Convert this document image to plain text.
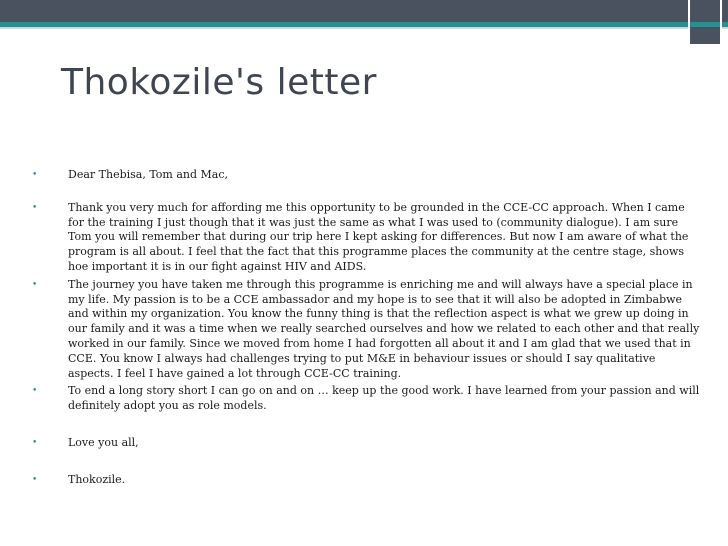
Thokozile's letter
•	Dear Thebisa, Tom and Mac,
•	Thank you very much for affording me this opportunity to be grounded in the CCE-CC approach. When I came for the training I just though that it was just the same as what I was used to (community dialogue). I am sure Tom you will remember that during our trip here I kept asking for differences. But now I am aware of what the program is all about. I feel that the fact that this programme places the community at the centre stage, shows hoe important it is in our fight against HIV and AIDS.
•	The journey you have taken me through this programme is enriching me and will always have a special place in my life. My passion is to be a CCE ambassador and my hope is to see that it will also be adopted in Zimbabwe and within my organization. You know the funny thing is that the reflection aspect is what we grew up doing in our family and it was a time when we really searched ourselves and how we related to each other and that really worked in our family. Since we moved from home I had forgotten all about it and I am glad that we used that in CCE. You know I always had challenges trying to put M&E in behaviour issues or should I say qualitative aspects. I feel I have gained a lot through CCE-CC training.
•	To end a long story short I can go on and on … keep up the good work. I have learned from your passion and will definitely adopt you as role models.
•	Love you all,
•	Thokozile.
